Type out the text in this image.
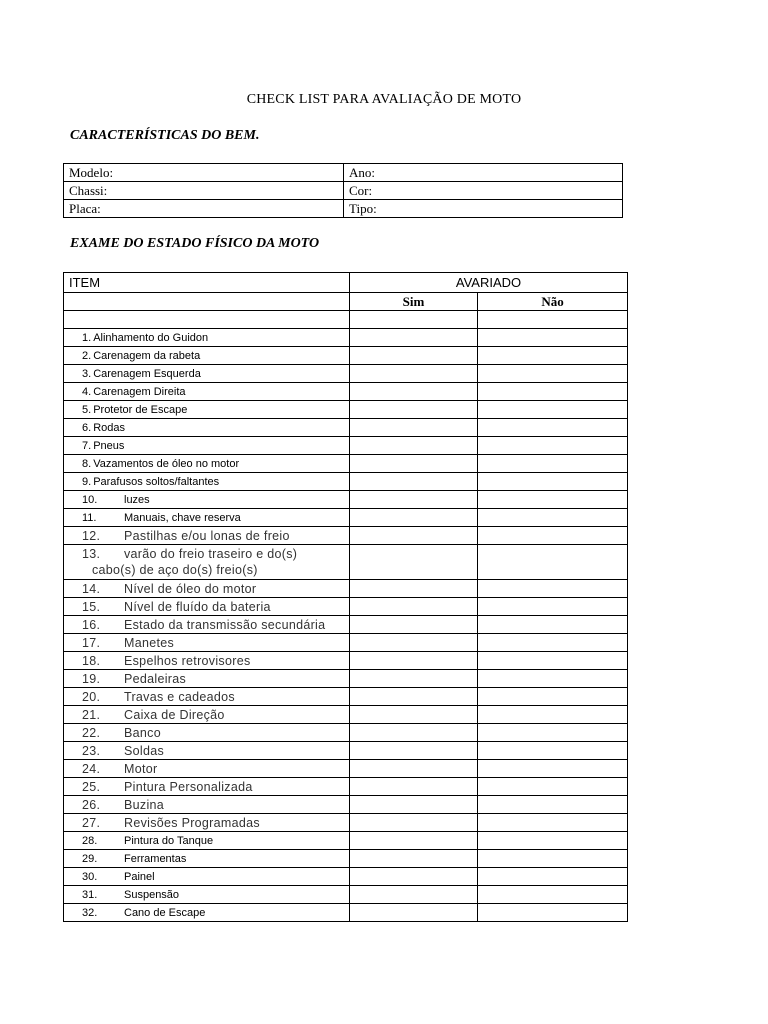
CHECK LIST PARA AVALIAÇÃO DE MOTO
CARACTERÍSTICAS DO BEM.
Modelo:	Ano:
Chassi:	Cor:
Placa:	Tipo:
EXAME DO ESTADO FÍSICO DA MOTO
ITEM	AVARIADO	
	Sim	Não

1. Alinhamento do Guidon		
2. Carenagem da rabeta		
3. Carenagem Esquerda		
4. Carenagem Direita		
5. Protetor de Escape		
6. Rodas		
7. Pneus		
8. Vazamentos de óleo no motor		
9. Parafusos soltos/faltantes		
10. luzes		
11. Manuais, chave reserva		
12. Pastilhas e/ou lonas de freio		
13. varão do freio traseiro e do(s)
cabo(s) de aço do(s) freio(s)		

14. Nível de óleo do motor		
15. Nível de fluído da bateria		
16. Estado da transmissão secundária		
17. Manetes		
18. Espelhos retrovisores		
19. Pedaleiras		
20. Travas e cadeados		
21. Caixa de Direção		
22. Banco		
23. Soldas		
24. Motor		
25. Pintura Personalizada		
26. Buzina		
27. Revisões Programadas		
28. Pintura do Tanque		
29. Ferramentas		
30. Painel		
31. Suspensão		
32. Cano de Escape		
